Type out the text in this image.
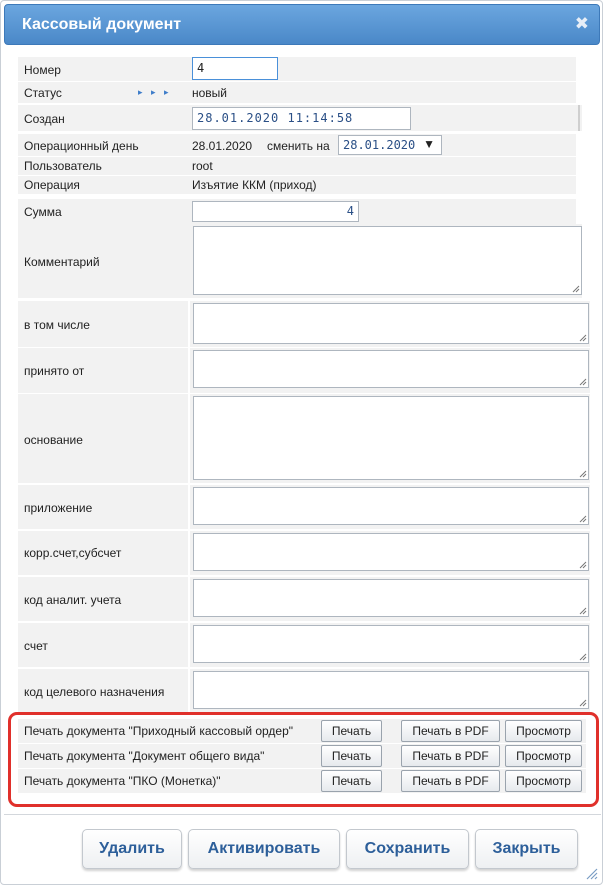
Кассовый документ	✖
Номер	4
Статус	▸ ▸ ▸ новый
Создан	28.01.2020 11:14:58
Операционный день	28.01.2020 сменить на 28.01.2020 ▼
Пользователь	root
Операция	Изъятие ККМ (приход)
Сумма	4
Комментарий
в том числе
принято от
основание
приложение
корр.счет,субсчет
код аналит. учета
счет
код целевого назначения
Печать документа "Приходный кассовый ордер"	Печать	Печать в PDF	Просмотр
Печать документа "Документ общего вида"	Печать	Печать в PDF	Просмотр
Печать документа "ПКО (Монетка)"	Печать	Печать в PDF	Просмотр
Удалить	Активировать	Сохранить	Закрыть
